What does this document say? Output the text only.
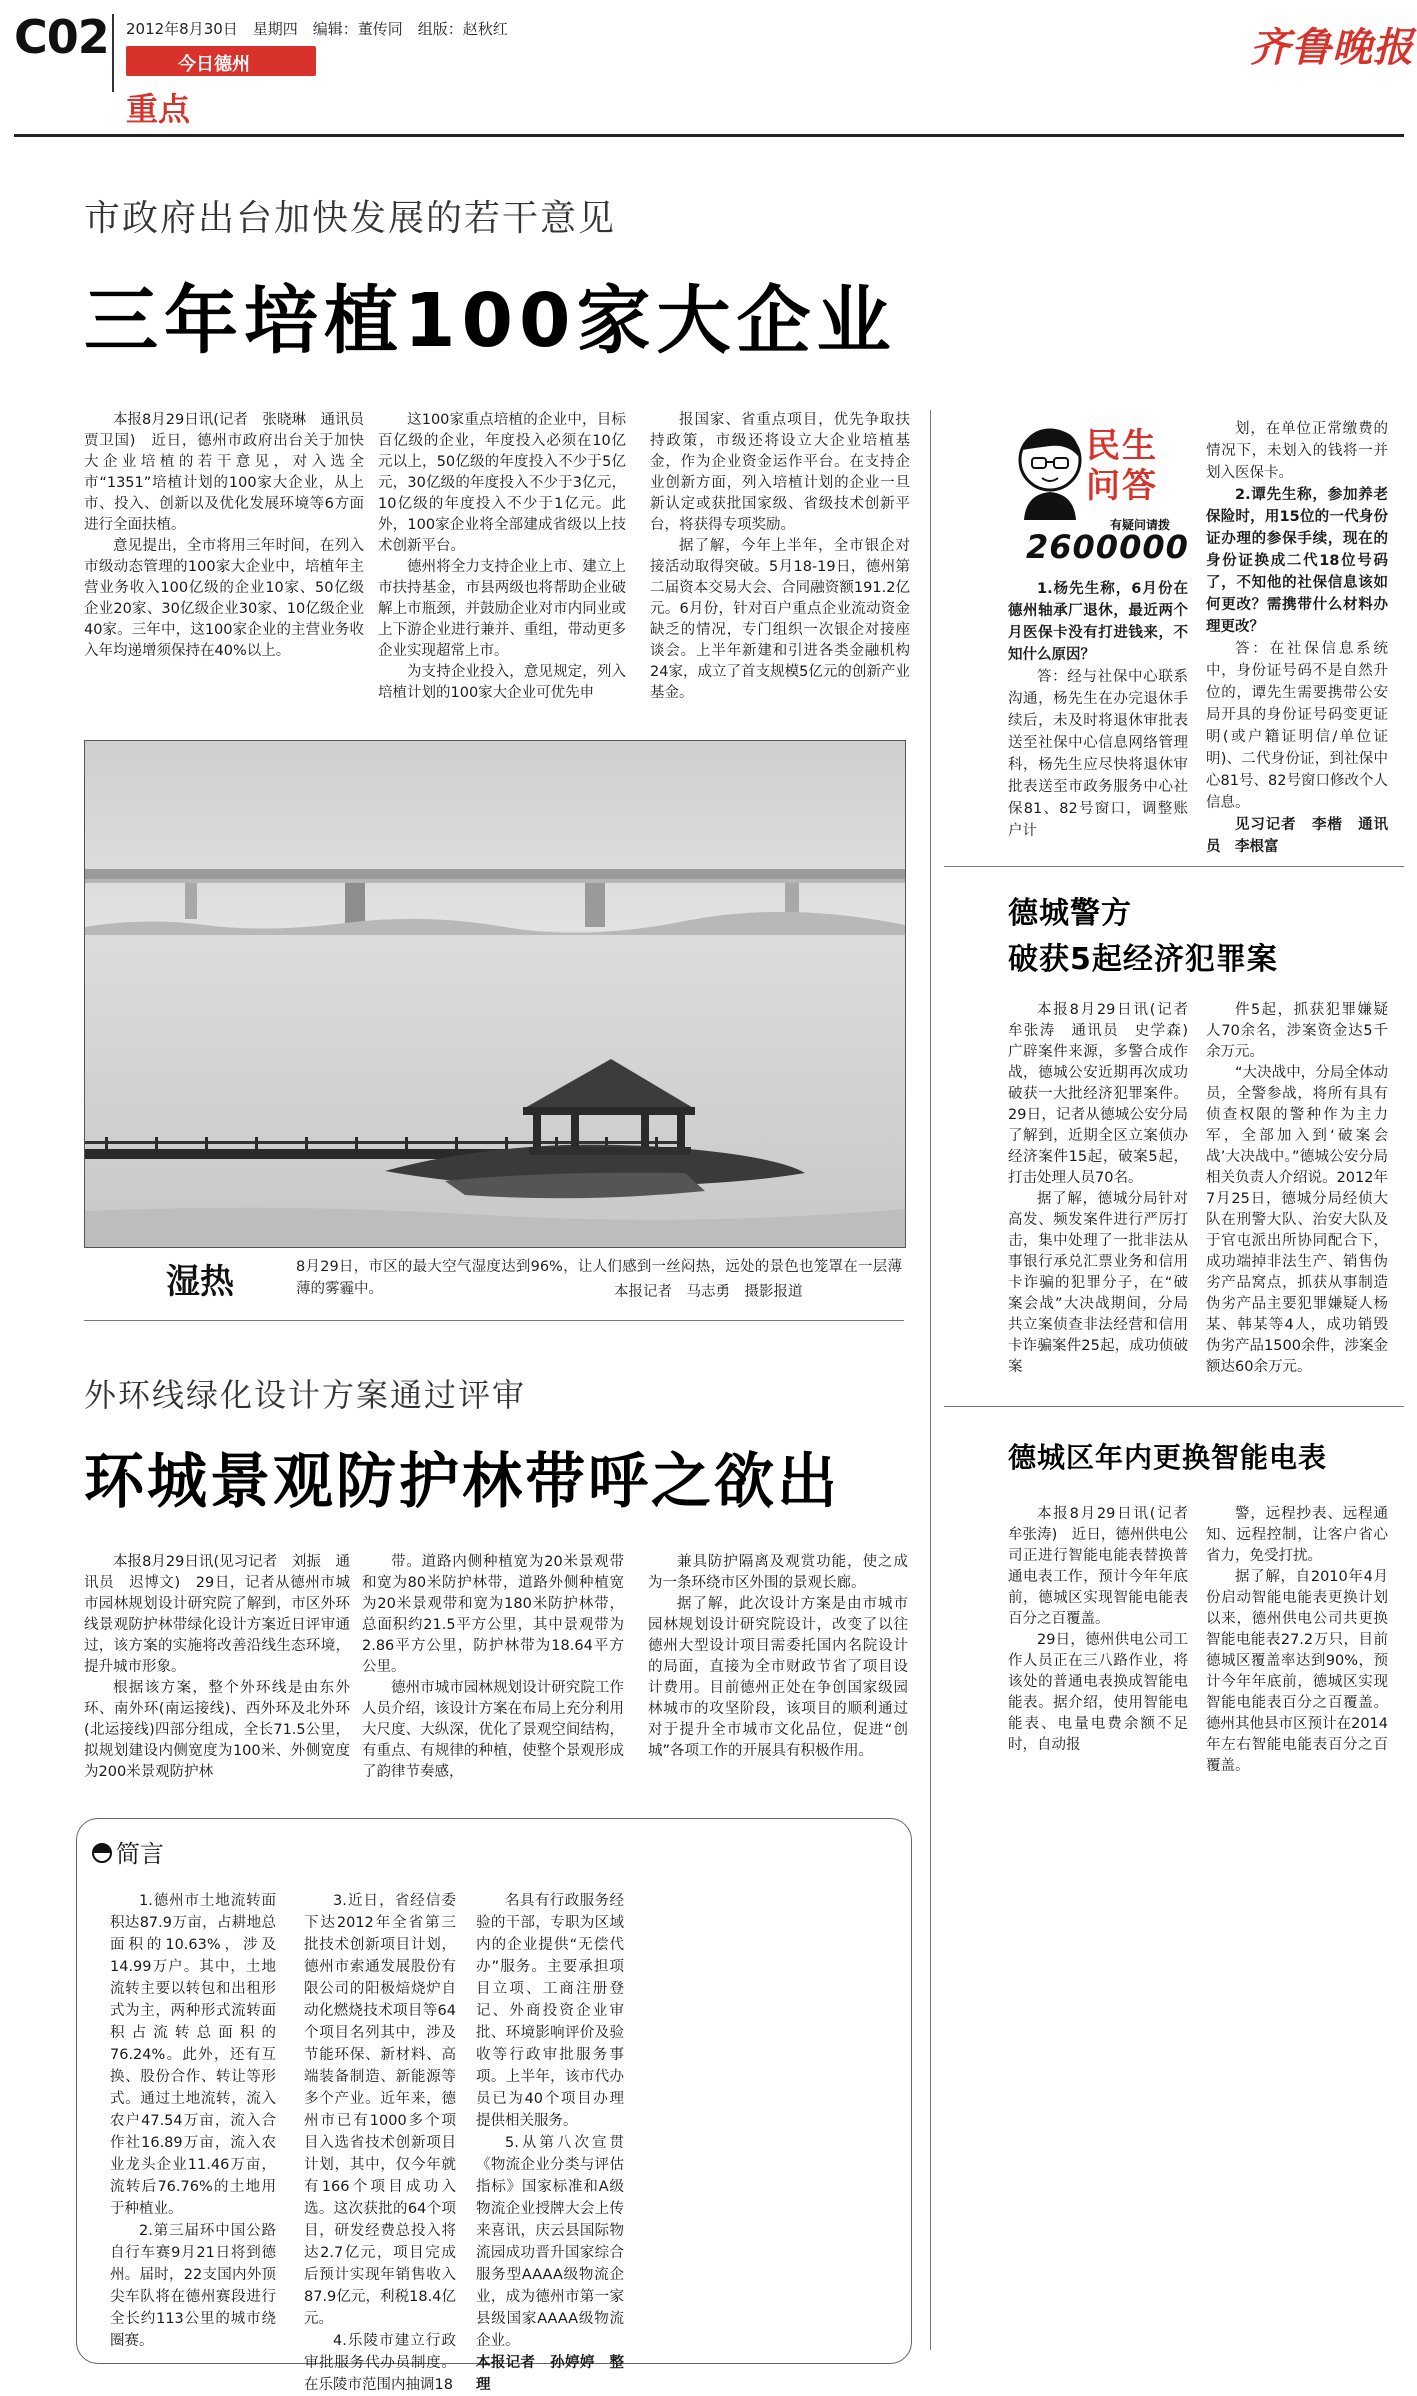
C02 2012年8月30日　星期四　编辑：董传同　组版：赵秋红
今日德州
重点
齐鲁晚报
市政府出台加快发展的若干意见
三年培植100家大企业

本报8月29日讯(记者　张晓琳　通讯员　贾卫国)　近日，德州市政府出台关于加快大企业培植的若干意见，对入选全市“1351”培植计划的100家大企业，从上市、投入、创新以及优化发展环境等6方面进行全面扶植。

意见提出，全市将用三年时间，在列入市级动态管理的100家大企业中，培植年主营业务收入100亿级的企业10家、50亿级企业20家、30亿级企业30家、10亿级企业40家。三年中，这100家企业的主营业务收入年均递增须保持在40%以上。

这100家重点培植的企业中，目标百亿级的企业，年度投入必须在10亿元以上，50亿级的年度投入不少于5亿元，30亿级的年度投入不少于3亿元，10亿级的年度投入不少于1亿元。此外，100家企业将全部建成省级以上技术创新平台。

德州将全力支持企业上市、建立上市扶持基金，市县两级也将帮助企业破解上市瓶颈，并鼓励企业对市内同业或上下游企业进行兼并、重组，带动更多企业实现超常上市。

为支持企业投入，意见规定，列入培植计划的100家大企业可优先申

报国家、省重点项目，优先争取扶持政策，市级还将设立大企业培植基金，作为企业资金运作平台。在支持企业创新方面，列入培植计划的企业一旦新认定或获批国家级、省级技术创新平台，将获得专项奖励。

据了解，今年上半年，全市银企对接活动取得突破。5月18-19日，德州第二届资本交易大会、合同融资额191.2亿元。6月份，针对百户重点企业流动资金缺乏的情况，专门组织一次银企对接座谈会。上半年新建和引进各类金融机构24家，成立了首支规模5亿元的创新产业基金。

湿热	8月29日，市区的最大空气湿度达到96%，让人们感到一丝闷热，远处的景色也笼罩在一层薄薄的雾霾中。	本报记者　马志勇　摄影报道
外环线绿化设计方案通过评审
环城景观防护林带呼之欲出

本报8月29日讯(见习记者　刘振　通讯员　迟博文)　29日，记者从德州市城市园林规划设计研究院了解到，市区外环线景观防护林带绿化设计方案近日评审通过，该方案的实施将改善沿线生态环境，提升城市形象。

根据该方案，整个外环线是由东外环、南外环(南运接线)、西外环及北外环(北运接线)四部分组成，全长71.5公里，拟规划建设内侧宽度为100米、外侧宽度为200米景观防护林

带。道路内侧种植宽为20米景观带和宽为80米防护林带，道路外侧种植宽为20米景观带和宽为180米防护林带，总面积约21.5平方公里，其中景观带为2.86平方公里，防护林带为18.64平方公里。

德州市城市园林规划设计研究院工作人员介绍，该设计方案在布局上充分利用大尺度、大纵深，优化了景观空间结构，有重点、有规律的种植，使整个景观形成了韵律节奏感，

兼具防护隔离及观赏功能，使之成为一条环绕市区外围的景观长廊。

据了解，此次设计方案是由市城市园林规划设计研究院设计，改变了以往德州大型设计项目需委托国内名院设计的局面，直接为全市财政节省了项目设计费用。目前德州正处在争创国家级园林城市的攻坚阶段，该项目的顺利通过对于提升全市城市文化品位，促进“创城”各项工作的开展具有积极作用。

简言

1.德州市土地流转面积达87.9万亩，占耕地总面积的10.63%，涉及14.99万户。其中，土地流转主要以转包和出租形式为主，两种形式流转面积占流转总面积的76.24%。此外，还有互换、股份合作、转让等形式。通过土地流转，流入农户47.54万亩，流入合作社16.89万亩，流入农业龙头企业11.46万亩，流转后76.76%的土地用于种植业。

2.第三届环中国公路自行车赛9月21日将到德州。届时，22支国内外顶尖车队将在德州赛段进行全长约113公里的城市绕圈赛。

3.近日，省经信委下达2012年全省第三批技术创新项目计划，德州市索通发展股份有限公司的阳极焙烧炉自动化燃烧技术项目等64个项目名列其中，涉及节能环保、新材料、高端装备制造、新能源等多个产业。近年来，德州市已有1000多个项目入选省技术创新项目计划，其中，仅今年就有166个项目成功入选。这次获批的64个项目，研发经费总投入将达2.7亿元，项目完成后预计实现年销售收入87.9亿元，利税18.4亿元。

4.乐陵市建立行政审批服务代办员制度。在乐陵市范围内抽调18

名具有行政服务经验的干部，专职为区域内的企业提供“无偿代办”服务。主要承担项目立项、工商注册登记、外商投资企业审批、环境影响评价及验收等行政审批服务事项。上半年，该市代办员已为40个项目办理提供相关服务。

5.从第八次宣贯《物流企业分类与评估指标》国家标准和A级物流企业授牌大会上传来喜讯，庆云县国际物流园成功晋升国家综合服务型AAAA级物流企业，成为德州市第一家县级国家AAAA级物流企业。

本报记者　孙婷婷　整理

民生问答
有疑问请拨
2600000

1.杨先生称，6月份在德州轴承厂退休，最近两个月医保卡没有打进钱来，不知什么原因？

答：经与社保中心联系沟通，杨先生在办完退休手续后，未及时将退休审批表送至社保中心信息网络管理科，杨先生应尽快将退休审批表送至市政务服务中心社保81、82号窗口，调整账户计

划，在单位正常缴费的情况下，未划入的钱将一并划入医保卡。

2.谭先生称，参加养老保险时，用15位的一代身份证办理的参保手续，现在的身份证换成二代18位号码了，不知他的社保信息该如何更改？需携带什么材料办理更改？

答：在社保信息系统中，身份证号码不是自然升位的，谭先生需要携带公安局开具的身份证号码变更证明(或户籍证明信/单位证明)、二代身份证，到社保中心81号、82号窗口修改个人信息。

见习记者　李楷　通讯员　李根富

德城警方
破获5起经济犯罪案

本报8月29日讯(记者　牟张涛　通讯员　史学森)　广辟案件来源，多警合成作战，德城公安近期再次成功破获一大批经济犯罪案件。29日，记者从德城公安分局了解到，近期全区立案侦办经济案件15起，破案5起，打击处理人员70名。

据了解，德城分局针对高发、频发案件进行严厉打击，集中处理了一批非法从事银行承兑汇票业务和信用卡诈骗的犯罪分子，在“破案会战”大决战期间，分局共立案侦查非法经营和信用卡诈骗案件25起，成功侦破案

件5起，抓获犯罪嫌疑人70余名，涉案资金达5千余万元。

“大决战中，分局全体动员，全警参战，将所有具有侦查权限的警种作为主力军，全部加入到‘破案会战’大决战中。”德城公安分局相关负责人介绍说。2012年7月25日，德城分局经侦大队在刑警大队、治安大队及于官屯派出所协同配合下，成功端掉非法生产、销售伪劣产品窝点，抓获从事制造伪劣产品主要犯罪嫌疑人杨某、韩某等4人，成功销毁伪劣产品1500余件，涉案金额达60余万元。

德城区年内更换智能电表

本报8月29日讯(记者　牟张涛)　近日，德州供电公司正进行智能电能表替换普通电表工作，预计今年年底前，德城区实现智能电能表百分之百覆盖。

29日，德州供电公司工作人员正在三八路作业，将该处的普通电表换成智能电能表。据介绍，使用智能电能表、电量电费余额不足时，自动报

警，远程抄表、远程通知、远程控制，让客户省心省力，免受打扰。

据了解，自2010年4月份启动智能电能表更换计划以来，德州供电公司共更换智能电能表27.2万只，目前德城区覆盖率达到90%，预计今年年底前，德城区实现智能电能表百分之百覆盖。德州其他县市区预计在2014年左右智能电能表百分之百覆盖。
